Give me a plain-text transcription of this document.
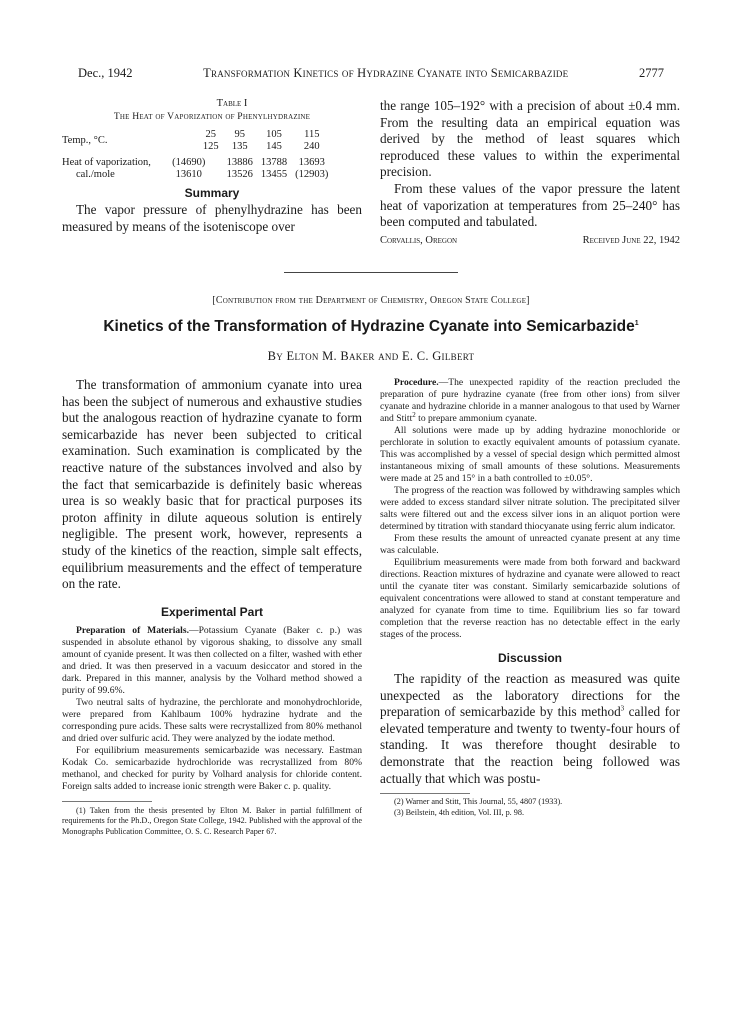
Dec., 1942	Transformation Kinetics of Hydrazine Cyanate into Semicarbazide	2777
Table I
The Heat of Vaporization of Phenylhydrazine
Temp., °C.	25	95	105	115
	125	135	145	240
Heat of vaporization,	(14690)	13886	13788	13693
cal./mole	13610	13526	13455	(12903)
Summary

The vapor pressure of phenylhydrazine has been measured by means of the isoteniscope over

the range 105–192° with a precision of about ±0.4 mm. From the resulting data an empirical equation was derived by the method of least squares which reproduced these values to within the experimental precision.

From these values of the vapor pressure the latent heat of vaporization at temperatures from 25–240° has been computed and tabulated.

Corvallis, Oregon	Received June 22, 1942
[Contribution from the Department of Chemistry, Oregon State College]
Kinetics of the Transformation of Hydrazine Cyanate into Semicarbazide$^1$
By Elton M. Baker and E. C. Gilbert

The transformation of ammonium cyanate into urea has been the subject of numerous and exhaustive studies but the analogous reaction of hydrazine cyanate to form semicarbazide has never been subjected to critical examination. Such examination is complicated by the reactive nature of the substances involved and also by the fact that semicarbazide is definitely basic whereas urea is so weakly basic that for practical purposes its proton affinity in dilute aqueous solution is entirely negligible. The present work, however, represents a study of the kinetics of the reaction, simple salt effects, equilibrium measurements and the effect of temperature on the rate.

Experimental Part

Preparation of Materials.—Potassium Cyanate (Baker c. p.) was suspended in absolute ethanol by vigorous shaking, to dissolve any small amount of cyanide present. It was then collected on a filter, washed with ether and dried. It was then preserved in a vacuum desiccator and stored in the dark. Prepared in this manner, analysis by the Volhard method showed a purity of 99.6%.

Two neutral salts of hydrazine, the perchlorate and monohydrochloride, were prepared from Kahlbaum 100% hydrazine hydrate and the corresponding pure acids. These salts were recrystallized from 80% methanol and dried over sulfuric acid. They were analyzed by the iodate method.

For equilibrium measurements semicarbazide was necessary. Eastman Kodak Co. semicarbazide hydrochloride was recrystallized from 80% methanol, and checked for purity by Volhard analysis for chloride content. Foreign salts added to increase ionic strength were Baker c. p. quality.

(1) Taken from the thesis presented by Elton M. Baker in partial fulfillment of requirements for the Ph.D., Oregon State College, 1942. Published with the approval of the Monographs Publication Committee, O. S. C. Research Paper 67.

Procedure.—The unexpected rapidity of the reaction precluded the preparation of pure hydrazine cyanate (free from other ions) from silver cyanate and hydrazine chloride in a manner analogous to that used by Warner and Stitt$^2$ to prepare ammonium cyanate.

All solutions were made up by adding hydrazine monochloride or perchlorate in solution to exactly equivalent amounts of potassium cyanate. This was accomplished by a vessel of special design which permitted almost instantaneous mixing of small amounts of these solutions. Measurements were made at 25 and 15° in a bath controlled to ±0.05°.

The progress of the reaction was followed by withdrawing samples which were added to excess standard silver nitrate solution. The precipitated silver salts were filtered out and the excess silver ions in an aliquot portion were determined by titration with standard thiocyanate using ferric alum indicator.

From these results the amount of unreacted cyanate present at any time was calculable.

Equilibrium measurements were made from both forward and backward directions. Reaction mixtures of hydrazine and cyanate were allowed to react until the cyanate titer was constant. Similarly semicarbazide solutions of equivalent concentrations were allowed to stand at constant temperature and analyzed for cyanate from time to time. Equilibrium lies so far toward completion that the reverse reaction has no detectable effect in the early stages of the process.

Discussion

The rapidity of the reaction as measured was quite unexpected as the laboratory directions for the preparation of semicarbazide by this method$^3$ called for elevated temperature and twenty to twenty-four hours of standing. It was therefore thought desirable to demonstrate that the reaction being followed was actually that which was postu-

(2) Warner and Stitt, This Journal, 55, 4807 (1933).

(3) Beilstein, 4th edition, Vol. III, p. 98.
